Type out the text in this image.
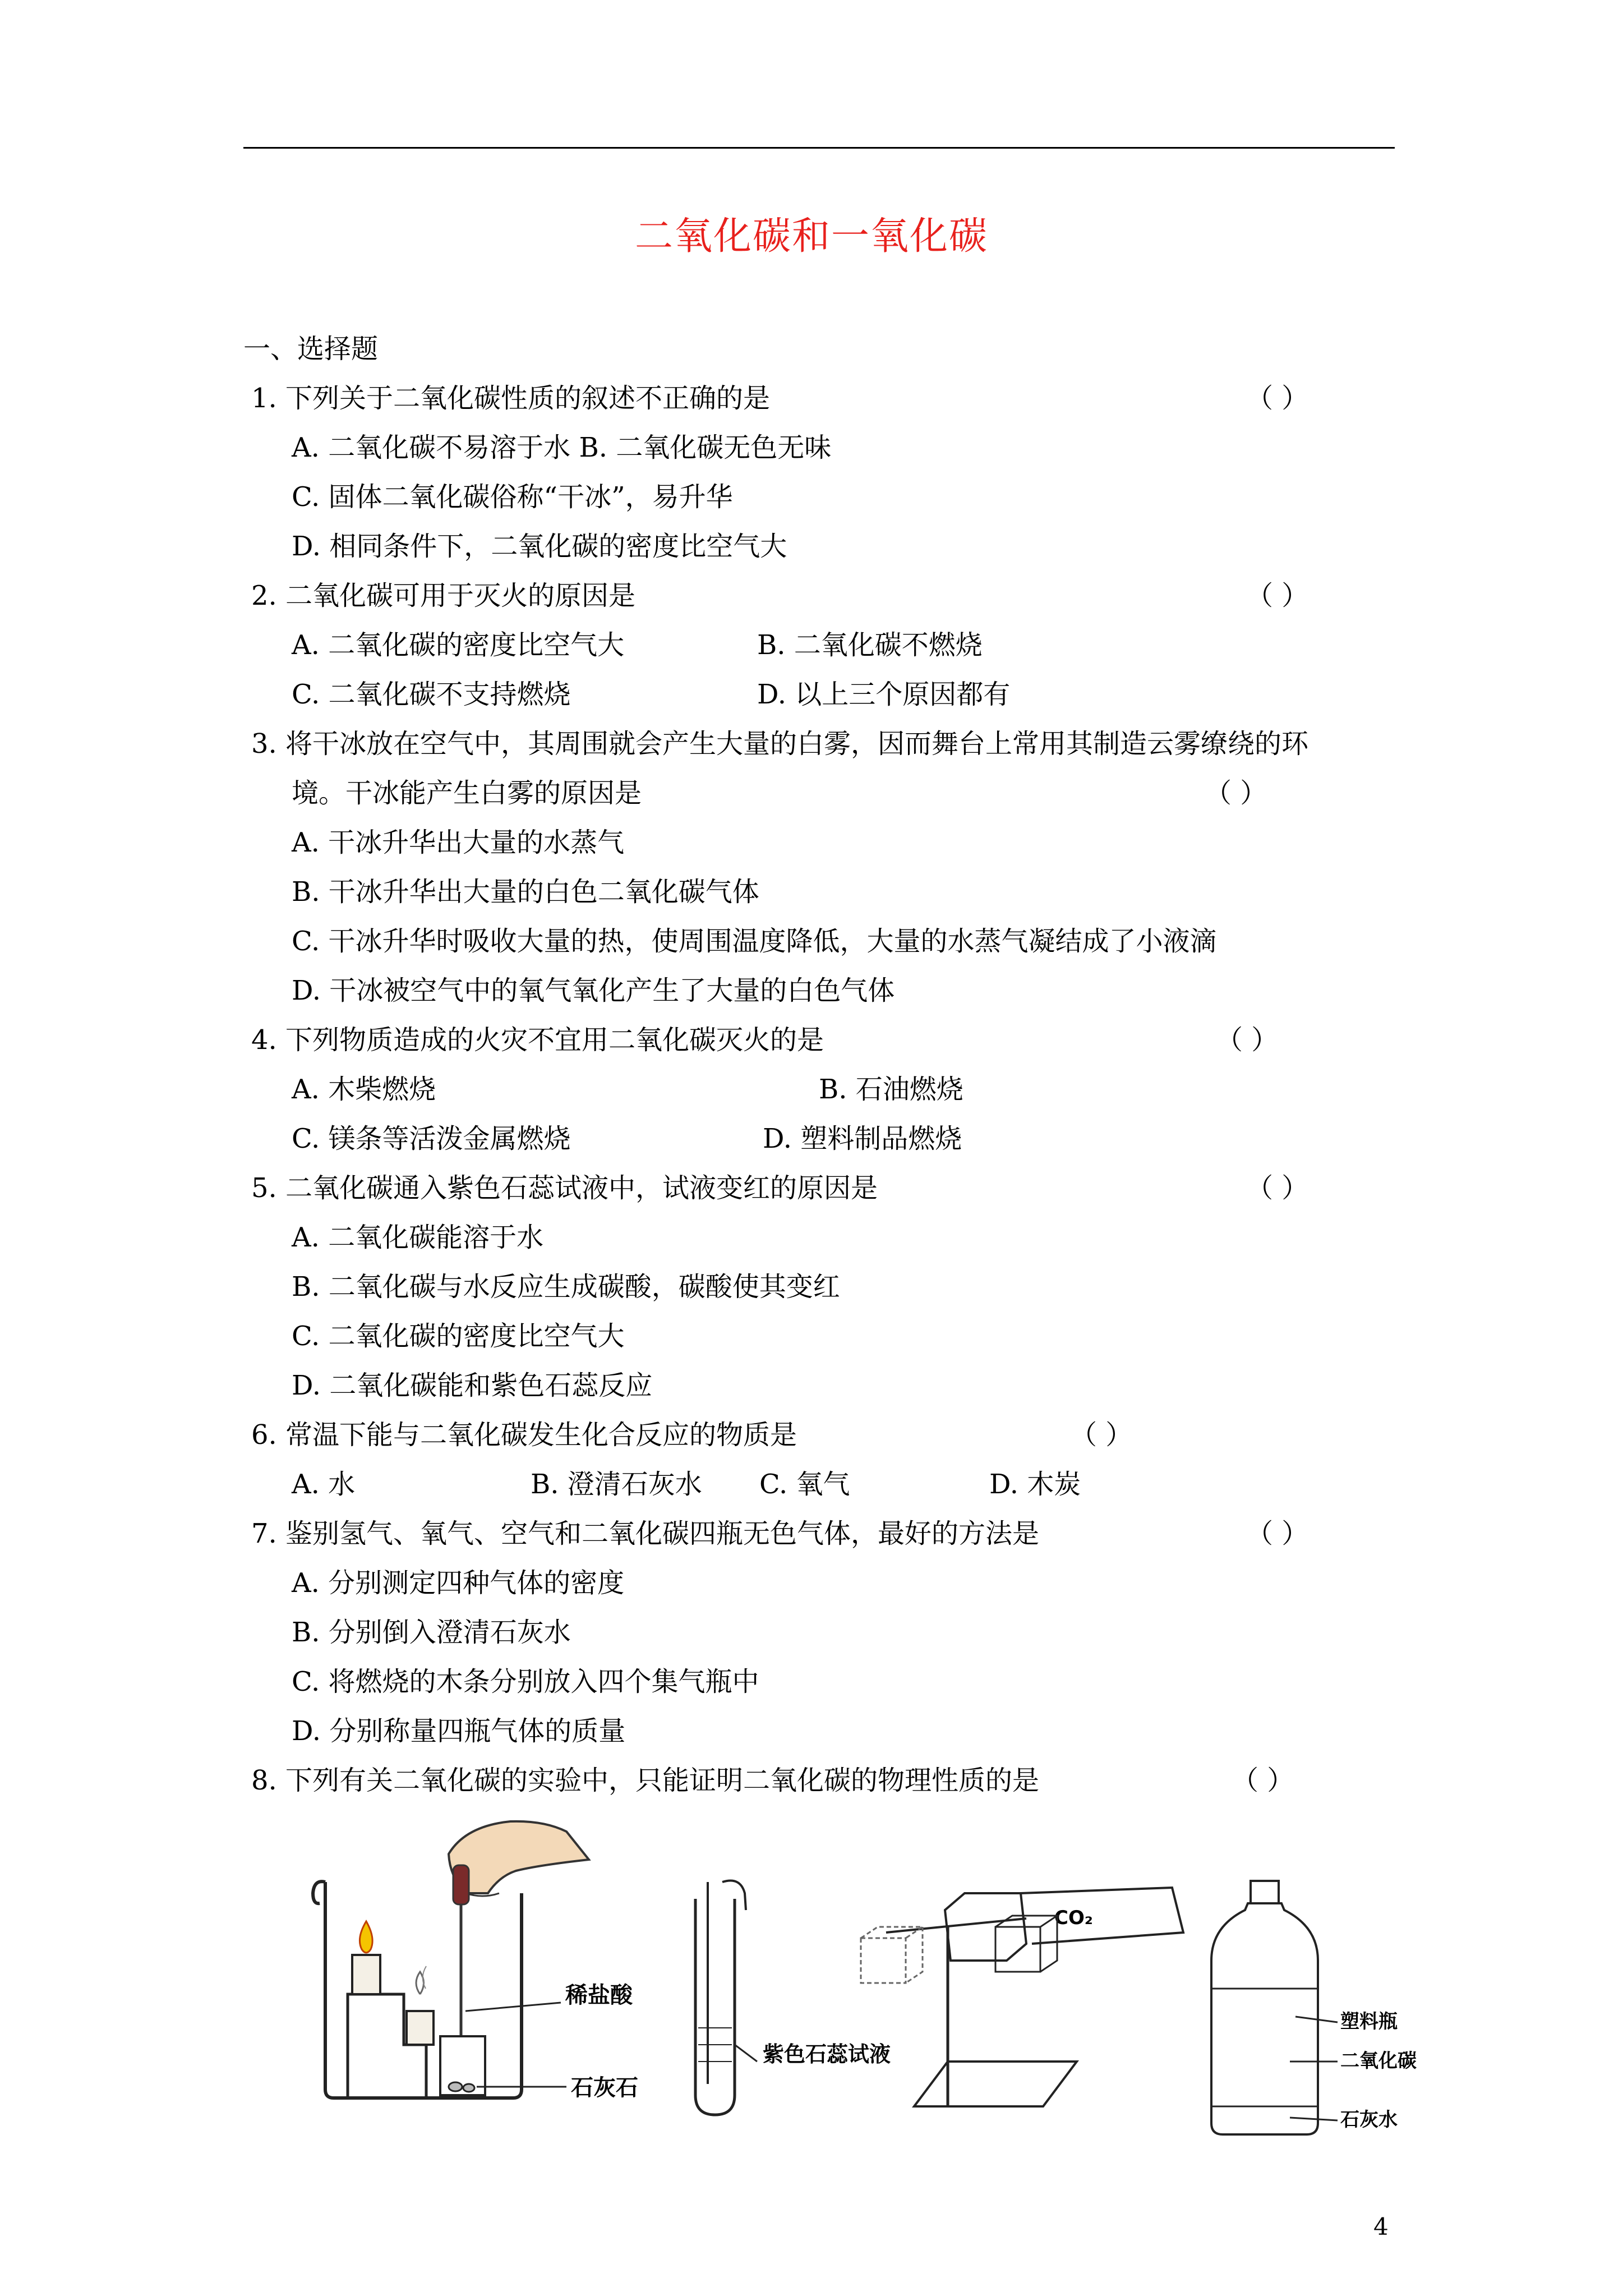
二氧化碳和一氧化碳
一、选择题
1. 下列关于二氧化碳性质的叙述不正确的是	（ ）
A. 二氧化碳不易溶于水 B. 二氧化碳无色无味
C. 固体二氧化碳俗称“干冰”，易升华
D. 相同条件下，二氧化碳的密度比空气大
2. 二氧化碳可用于灭火的原因是	（ ）
A. 二氧化碳的密度比空气大	B. 二氧化碳不燃烧
C. 二氧化碳不支持燃烧	D. 以上三个原因都有
3. 将干冰放在空气中，其周围就会产生大量的白雾，因而舞台上常用其制造云雾缭绕的环
境。干冰能产生白雾的原因是	（ ）
A. 干冰升华出大量的水蒸气
B. 干冰升华出大量的白色二氧化碳气体
C. 干冰升华时吸收大量的热，使周围温度降低，大量的水蒸气凝结成了小液滴
D. 干冰被空气中的氧气氧化产生了大量的白色气体
4. 下列物质造成的火灾不宜用二氧化碳灭火的是	（ ）
A. 木柴燃烧	B. 石油燃烧
C. 镁条等活泼金属燃烧	D. 塑料制品燃烧
5. 二氧化碳通入紫色石蕊试液中，试液变红的原因是	（ ）
A. 二氧化碳能溶于水
B. 二氧化碳与水反应生成碳酸，碳酸使其变红
C. 二氧化碳的密度比空气大
D. 二氧化碳能和紫色石蕊反应
6. 常温下能与二氧化碳发生化合反应的物质是	（ ）
A. 水	B. 澄清石灰水 C. 氧气	D. 木炭
7. 鉴别氢气、氧气、空气和二氧化碳四瓶无色气体，最好的方法是	（ ）
A. 分别测定四种气体的密度
B. 分别倒入澄清石灰水
C. 将燃烧的木条分别放入四个集气瓶中
D. 分别称量四瓶气体的质量
8. 下列有关二氧化碳的实验中，只能证明二氧化碳的物理性质的是	（ ）
稀盐酸
石灰石
紫色石蕊试液
CO₂
塑料瓶
二氧化碳
石灰水
4
